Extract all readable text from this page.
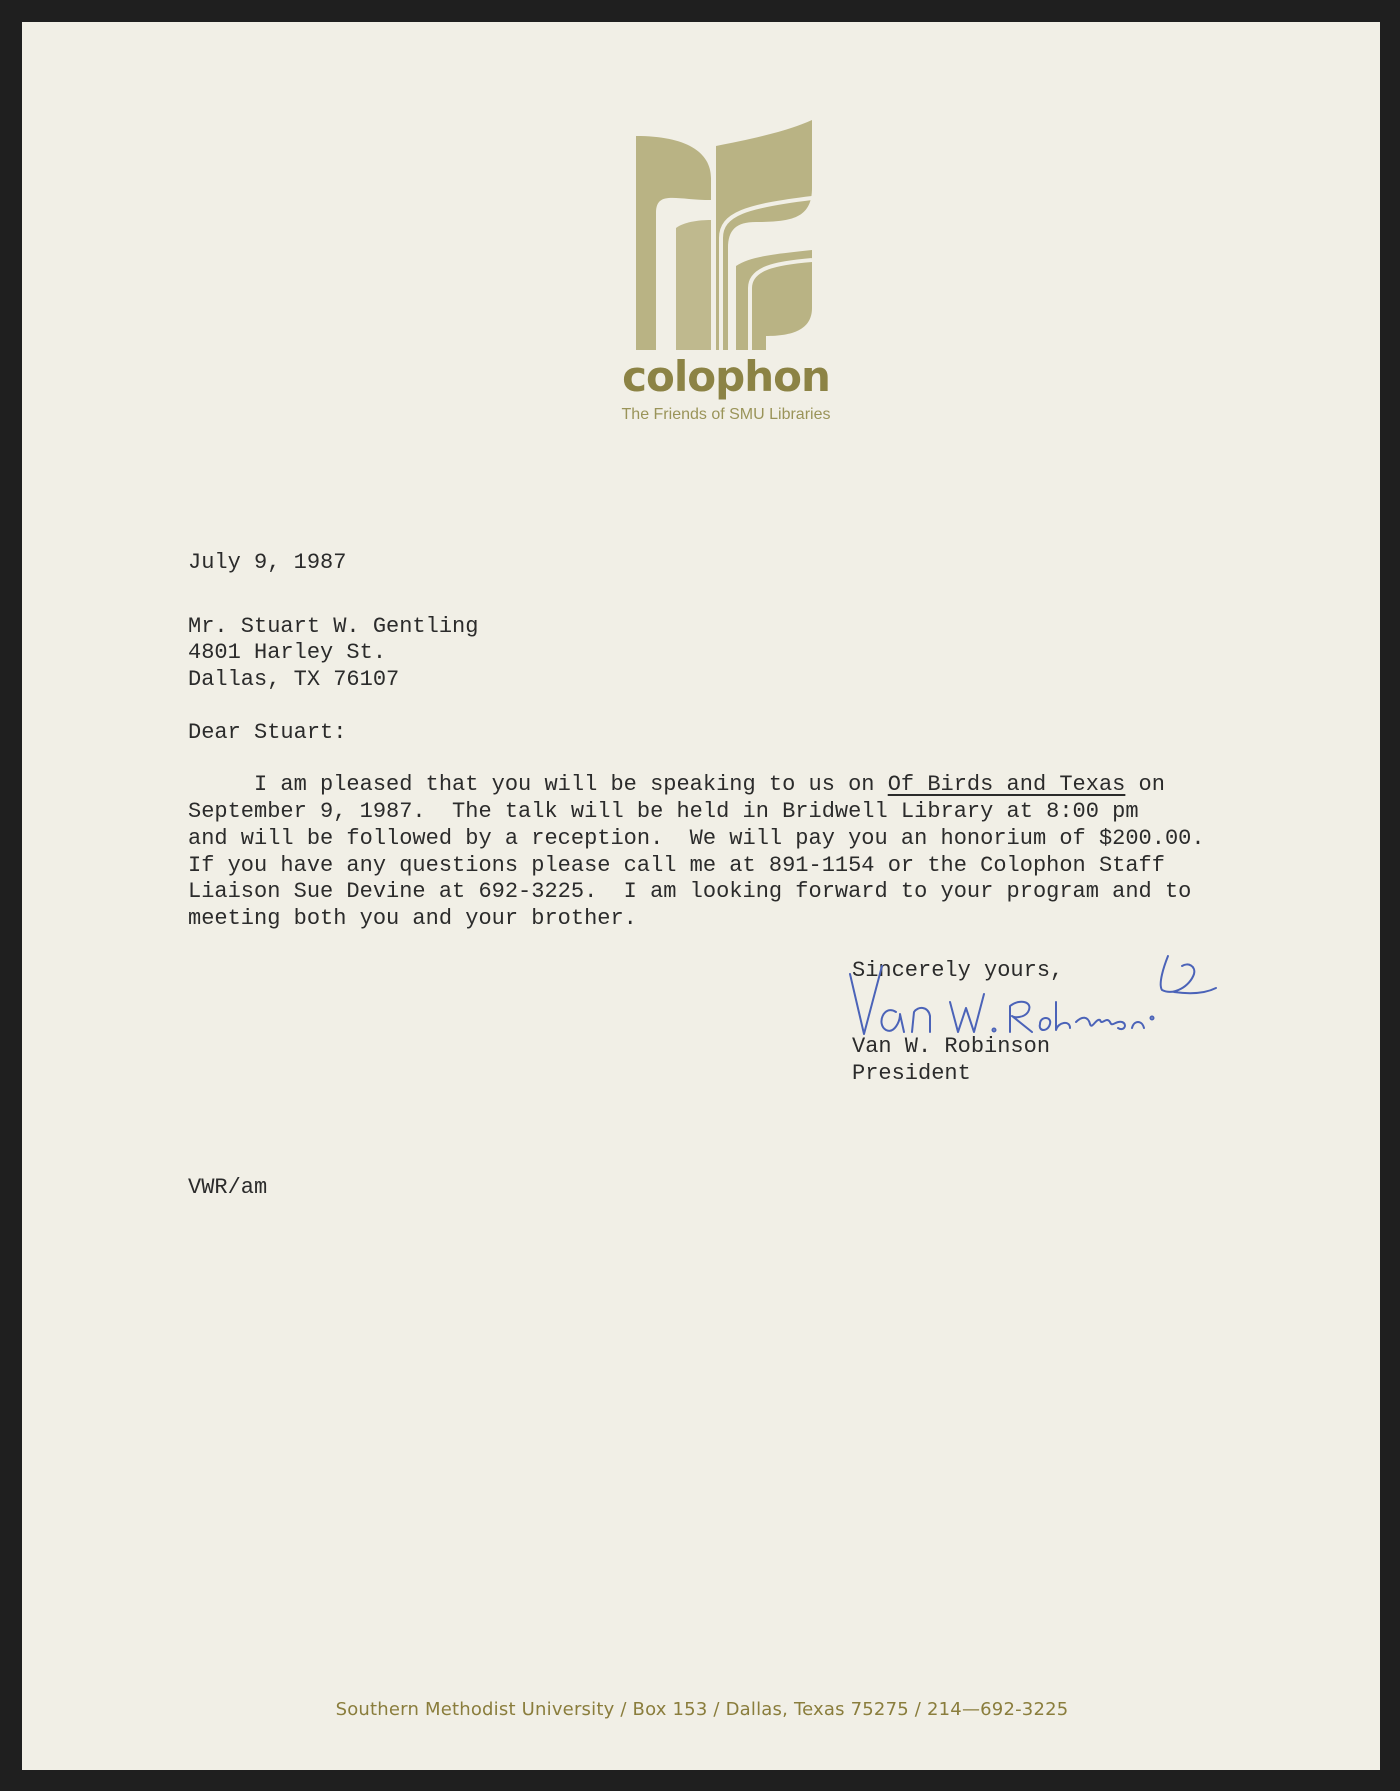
colophon
The Friends of SMU Libraries
July 9, 1987
Mr. Stuart W. Gentling
4801 Harley St.
Dallas, TX 76107
Dear Stuart:
I am pleased that you will be speaking to us on Of Birds and Texas on
September 9, 1987.  The talk will be held in Bridwell Library at 8:00 pm
and will be followed by a reception.  We will pay you an honorium of $200.00.
If you have any questions please call me at 891-1154 or the Colophon Staff
Liaison Sue Devine at 692-3225.  I am looking forward to your program and to
meeting both you and your brother.
Sincerely yours,
Van W. Robinson
President
VWR/am
Southern Methodist University / Box 153 / Dallas, Texas 75275 / 214—692-3225
